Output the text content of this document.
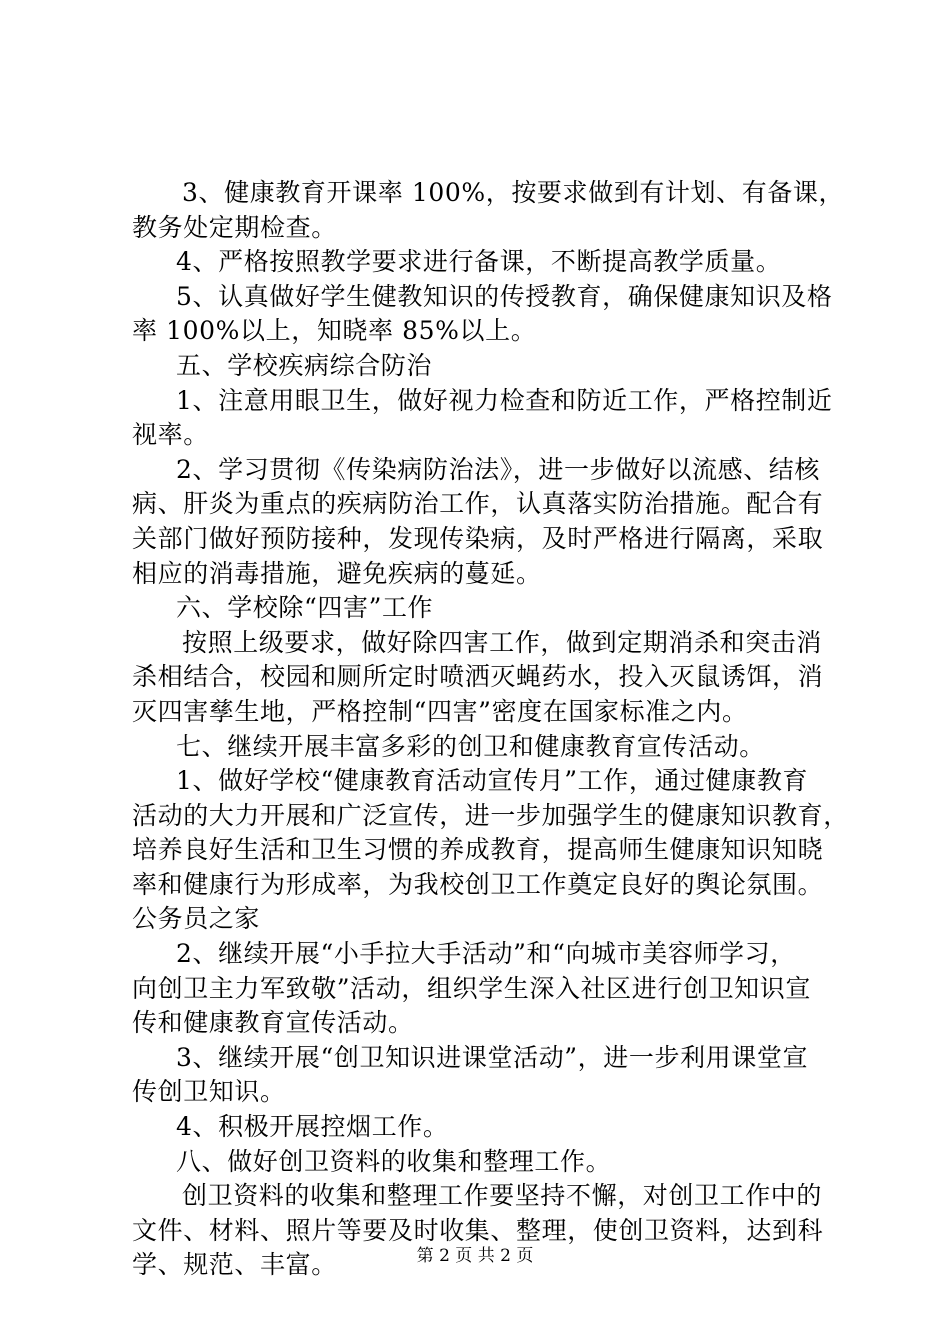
3、健康教育开课率 100%，按要求做到有计划、有备课，
教务处定期检查。
4、严格按照教学要求进行备课，不断提高教学质量。
5、认真做好学生健教知识的传授教育，确保健康知识及格
率 100%以上，知晓率 85%以上。
五、学校疾病综合防治
1、注意用眼卫生，做好视力检查和防近工作，严格控制近
视率。
2、学习贯彻《传染病防治法》，进一步做好以流感、结核
病、肝炎为重点的疾病防治工作，认真落实防治措施。配合有
关部门做好预防接种，发现传染病，及时严格进行隔离，采取
相应的消毒措施，避免疾病的蔓延。
六、学校除“四害”工作
按照上级要求，做好除四害工作，做到定期消杀和突击消
杀相结合，校园和厕所定时喷洒灭蝇药水，投入灭鼠诱饵，消
灭四害孳生地，严格控制“四害”密度在国家标准之内。
七、继续开展丰富多彩的创卫和健康教育宣传活动。
1、做好学校“健康教育活动宣传月”工作，通过健康教育
活动的大力开展和广泛宣传，进一步加强学生的健康知识教育，
培养良好生活和卫生习惯的养成教育，提高师生健康知识知晓
率和健康行为形成率，为我校创卫工作奠定良好的舆论氛围。
公务员之家
2、继续开展“小手拉大手活动”和“向城市美容师学习，
向创卫主力军致敬”活动，组织学生深入社区进行创卫知识宣
传和健康教育宣传活动。
3、继续开展“创卫知识进课堂活动”，进一步利用课堂宣
传创卫知识。
4、积极开展控烟工作。
八、做好创卫资料的收集和整理工作。
创卫资料的收集和整理工作要坚持不懈，对创卫工作中的
文件、材料、照片等要及时收集、整理，使创卫资料，达到科
学、规范、丰富。	第 2 页 共 2 页
